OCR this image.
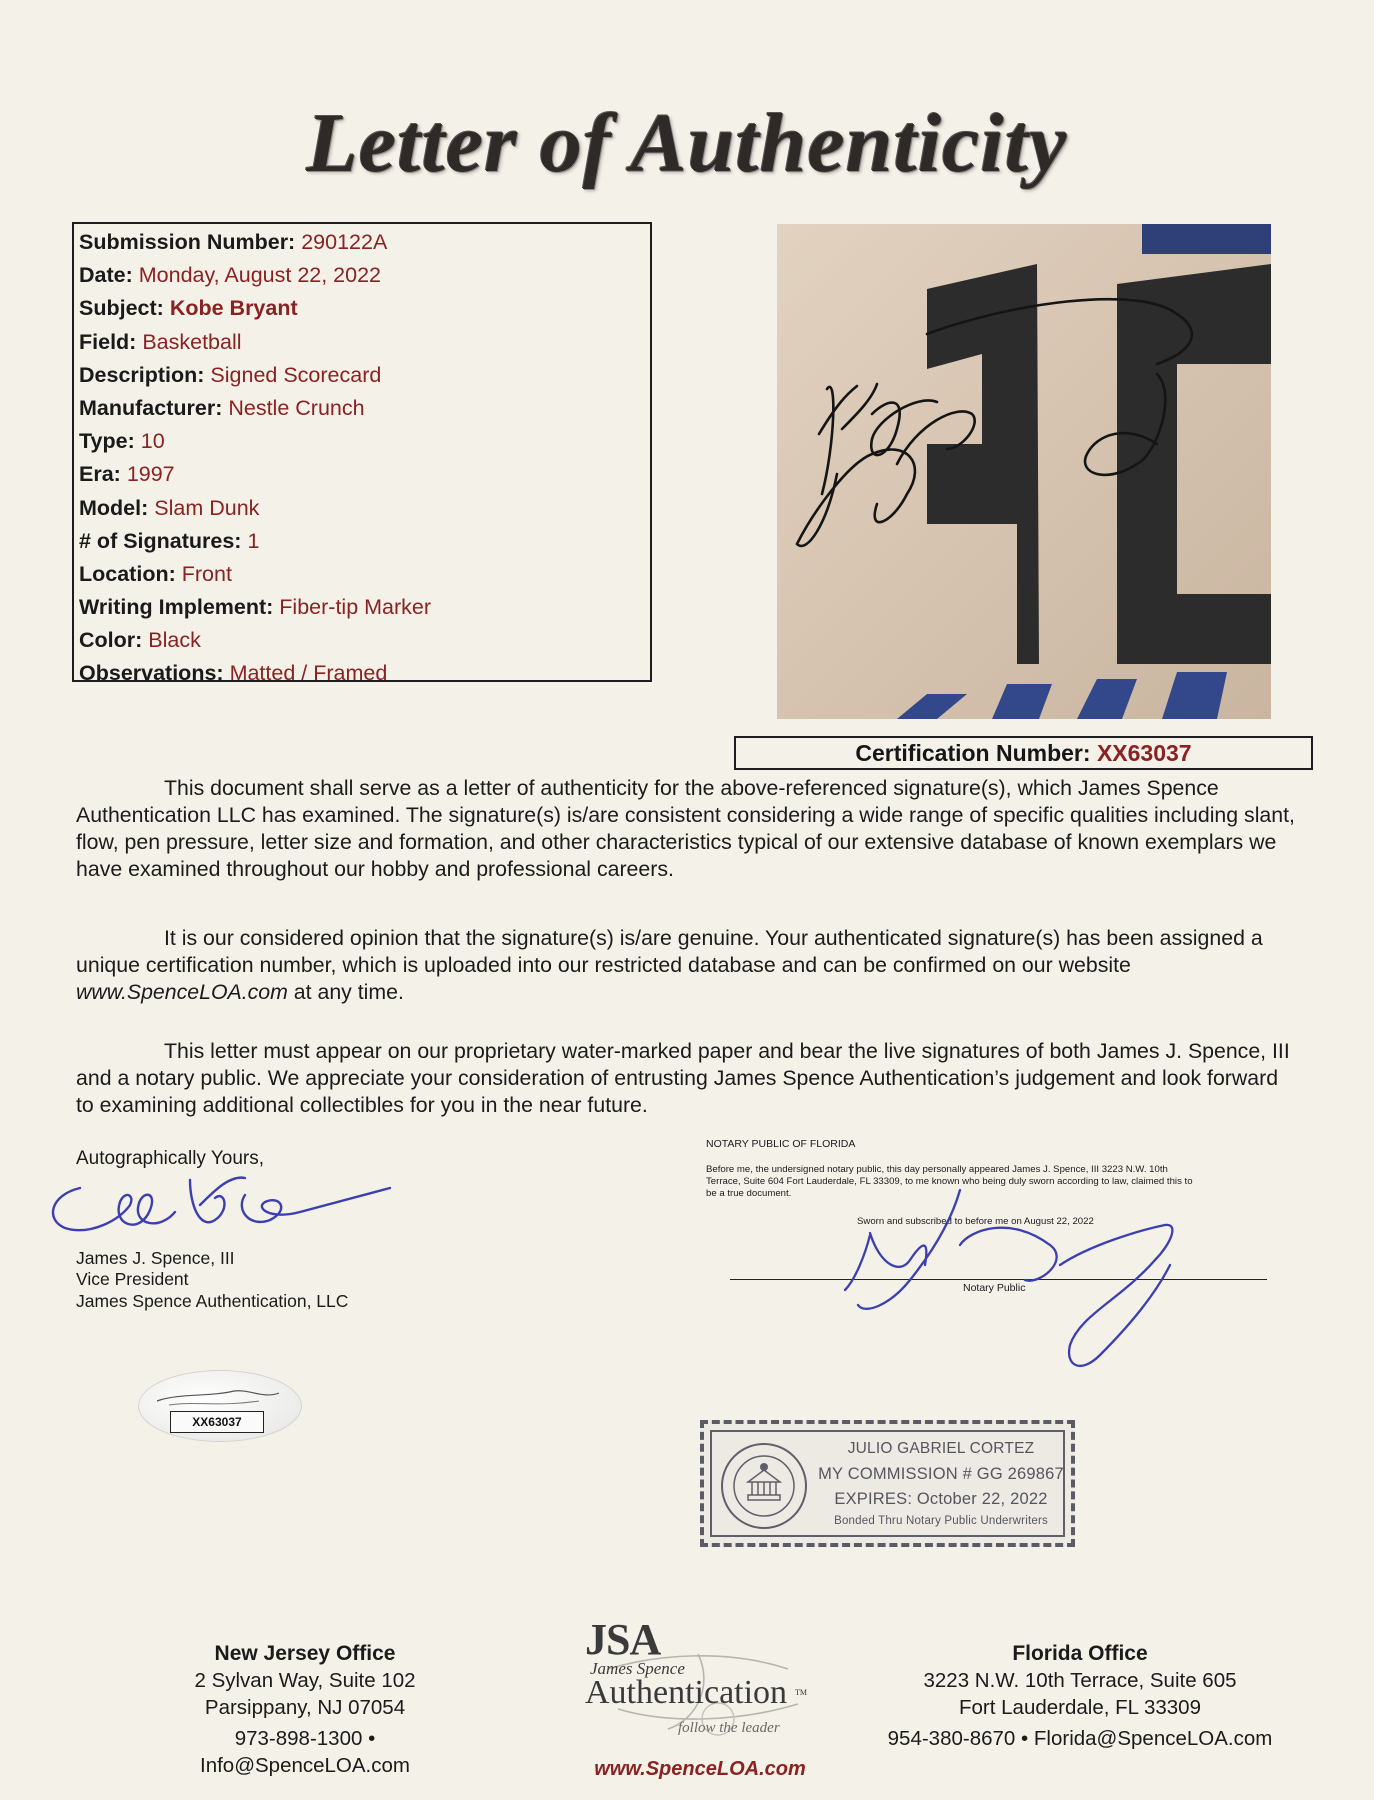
Letter of Authenticity
Submission Number: 290122A
Date: Monday, August 22, 2022
Subject: Kobe Bryant
Field: Basketball
Description: Signed Scorecard
Manufacturer: Nestle Crunch
Type: 10
Era: 1997
Model: Slam Dunk
# of Signatures: 1
Location: Front
Writing Implement: Fiber-tip Marker
Color: Black
Observations: Matted / Framed
Certification Number: XX63037
This document shall serve as a letter of authenticity for the above-referenced signature(s), which James Spence Authentication LLC has examined. The signature(s) is/are consistent considering a wide range of specific qualities including slant, flow, pen pressure, letter size and formation, and other characteristics typical of our extensive database of known exemplars we have examined throughout our hobby and professional careers.
It is our considered opinion that the signature(s) is/are genuine. Your authenticated signature(s) has been assigned a unique certification number, which is uploaded into our restricted database and can be confirmed on our website www.SpenceLOA.com at any time.
This letter must appear on our proprietary water-marked paper and bear the live signatures of both James J. Spence, III and a notary public. We appreciate your consideration of entrusting James Spence Authentication’s judgement and look forward to examining additional collectibles for you in the near future.
Autographically Yours,
James J. Spence, III
Vice President
James Spence Authentication, LLC
XX63037
NOTARY PUBLIC OF FLORIDA
Before me, the undersigned notary public, this day personally appeared James J. Spence, III 3223 N.W. 10th
Terrace, Suite 604 Fort Lauderdale, FL 33309, to me known who being duly sworn according to law, claimed this to
be a true document.
Sworn and subscribed to before me on August 22, 2022
Notary Public
JULIO GABRIEL CORTEZ
MY COMMISSION # GG 269867
EXPIRES: October 22, 2022
Bonded Thru Notary Public Underwriters
New Jersey Office
2 Sylvan Way, Suite 102
Parsippany, NJ 07054
973-898-1300 • Info@SpenceLOA.com
JSA
James Spence
Authentication TM
follow the leader
www.SpenceLOA.com
Florida Office
3223 N.W. 10th Terrace, Suite 605
Fort Lauderdale, FL 33309
954-380-8670 • Florida@SpenceLOA.com
